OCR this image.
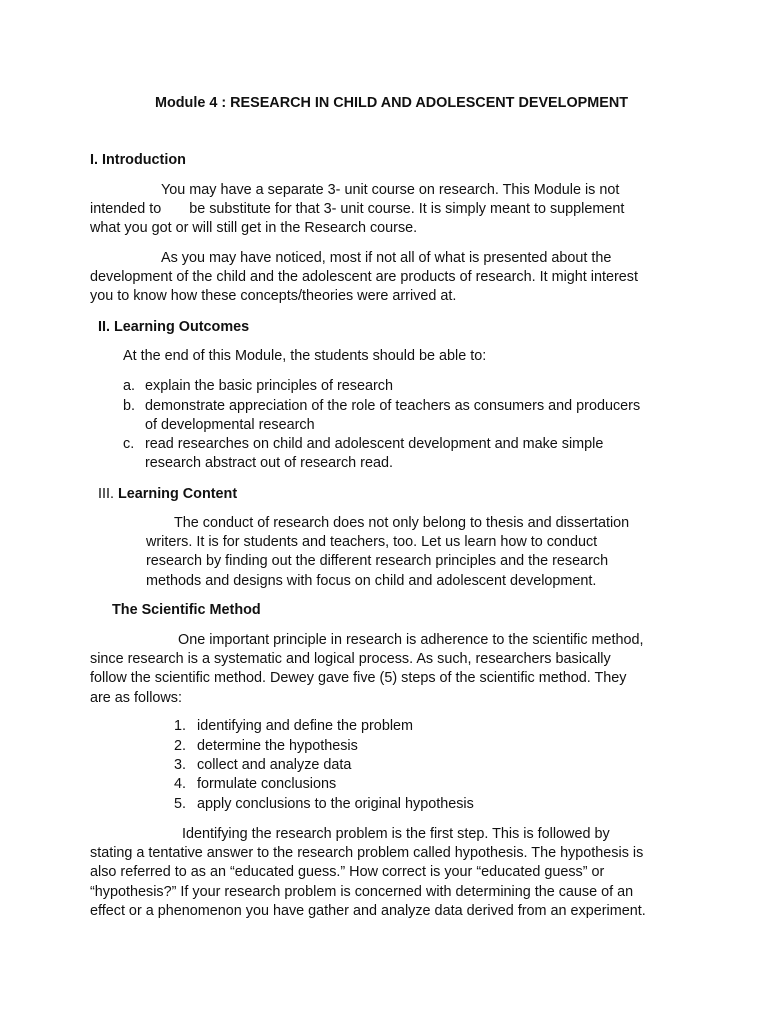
Module 4 : RESEARCH IN CHILD AND ADOLESCENT DEVELOPMENT
I. Introduction
You may have a separate 3- unit course on research. This Module is not
intended to be substitute for that 3- unit course. It is simply meant to supplement
what you got or will still get in the Research course.
As you may have noticed, most if not all of what is presented about the
development of the child and the adolescent are products of research. It might interest
you to know how these concepts/theories were arrived at.
II. Learning Outcomes
At the end of this Module, the students should be able to:
a. explain the basic principles of research
b. demonstrate appreciation of the role of teachers as consumers and producers
of developmental research
c. read researches on child and adolescent development and make simple
research abstract out of research read.
III. Learning Content
The conduct of research does not only belong to thesis and dissertation
writers. It is for students and teachers, too. Let us learn how to conduct
research by finding out the different research principles and the research
methods and designs with focus on child and adolescent development.
The Scientific Method
One important principle in research is adherence to the scientific method,
since research is a systematic and logical process. As such, researchers basically
follow the scientific method. Dewey gave five (5) steps of the scientific method. They
are as follows:
1. identifying and define the problem
2. determine the hypothesis
3. collect and analyze data
4. formulate conclusions
5. apply conclusions to the original hypothesis
Identifying the research problem is the first step. This is followed by
stating a tentative answer to the research problem called hypothesis. The hypothesis is
also referred to as an “educated guess.” How correct is your “educated guess” or
“hypothesis?” If your research problem is concerned with determining the cause of an
effect or a phenomenon you have gather and analyze data derived from an experiment.
